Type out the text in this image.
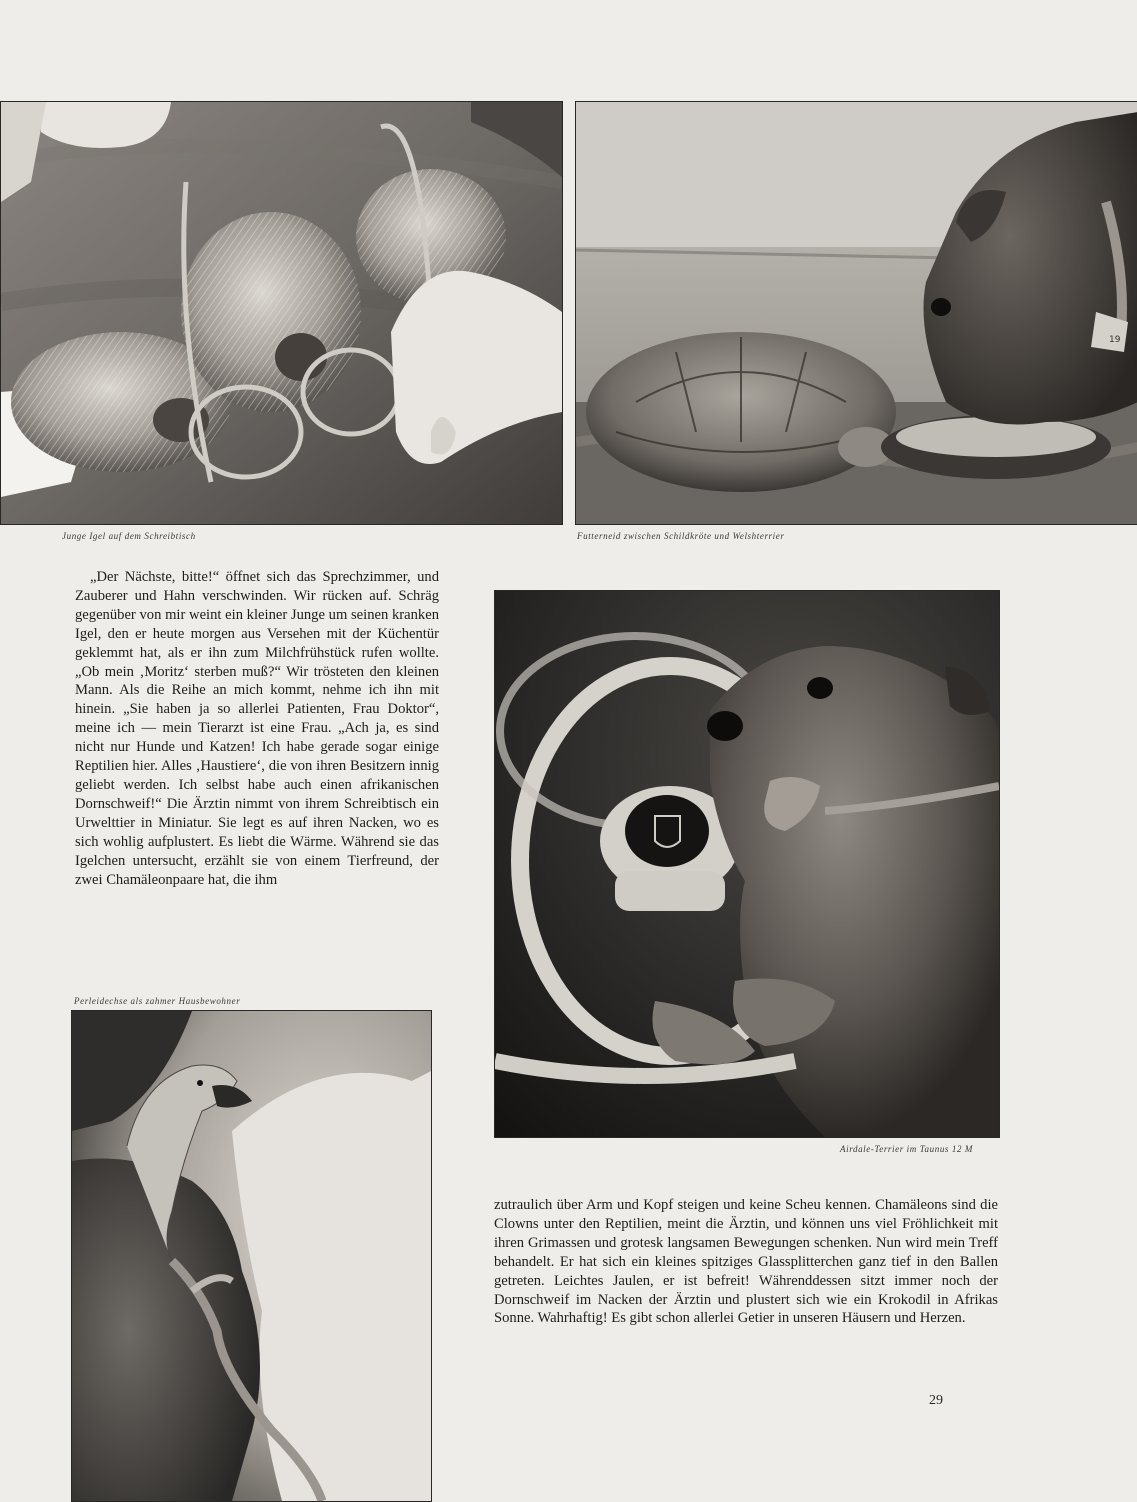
Junge Igel auf dem Schreibtisch
19
Futterneid zwischen Schildkröte und Welshterrier

„Der Nächste, bitte!“ öffnet sich das Sprechzimmer, und Zauberer und Hahn verschwinden. Wir rücken auf. Schräg gegenüber von mir weint ein kleiner Junge um seinen kranken Igel, den er heute morgen aus Versehen mit der Küchentür geklemmt hat, als er ihn zum Milchfrühstück rufen wollte. „Ob mein ‚Moritz‘ sterben muß?“ Wir trösteten den kleinen Mann. Als die Reihe an mich kommt, nehme ich ihn mit hinein. „Sie haben ja so allerlei Patienten, Frau Doktor“, meine ich — mein Tierarzt ist eine Frau. „Ach ja, es sind nicht nur Hunde und Katzen! Ich habe gerade sogar einige Reptilien hier. Alles ‚Haustiere‘, die von ihren Besitzern innig geliebt werden. Ich selbst habe auch einen afrikanischen Dornschweif!“ Die Ärztin nimmt von ihrem Schreibtisch ein Urwelttier in Miniatur. Sie legt es auf ihren Nacken, wo es sich wohlig aufplustert. Es liebt die Wärme. Während sie das Igelchen untersucht, erzählt sie von einem Tierfreund, der zwei Chamäleonpaare hat, die ihm

Airdale-Terrier im Taunus 12 M
Perleidechse als zahmer Hausbewohner

zutraulich über Arm und Kopf steigen und keine Scheu kennen. Chamäleons sind die Clowns unter den Reptilien, meint die Ärztin, und können uns viel Fröhlichkeit mit ihren Grimassen und grotesk langsamen Bewegungen schenken. Nun wird mein Treff behandelt. Er hat sich ein kleines spitziges Glassplitterchen ganz tief in den Ballen getreten. Leichtes Jaulen, er ist befreit! Währenddessen sitzt immer noch der Dornschweif im Nacken der Ärztin und plustert sich wie ein Krokodil in Afrikas Sonne. Wahrhaftig! Es gibt schon allerlei Getier in unseren Häusern und Herzen.

29
